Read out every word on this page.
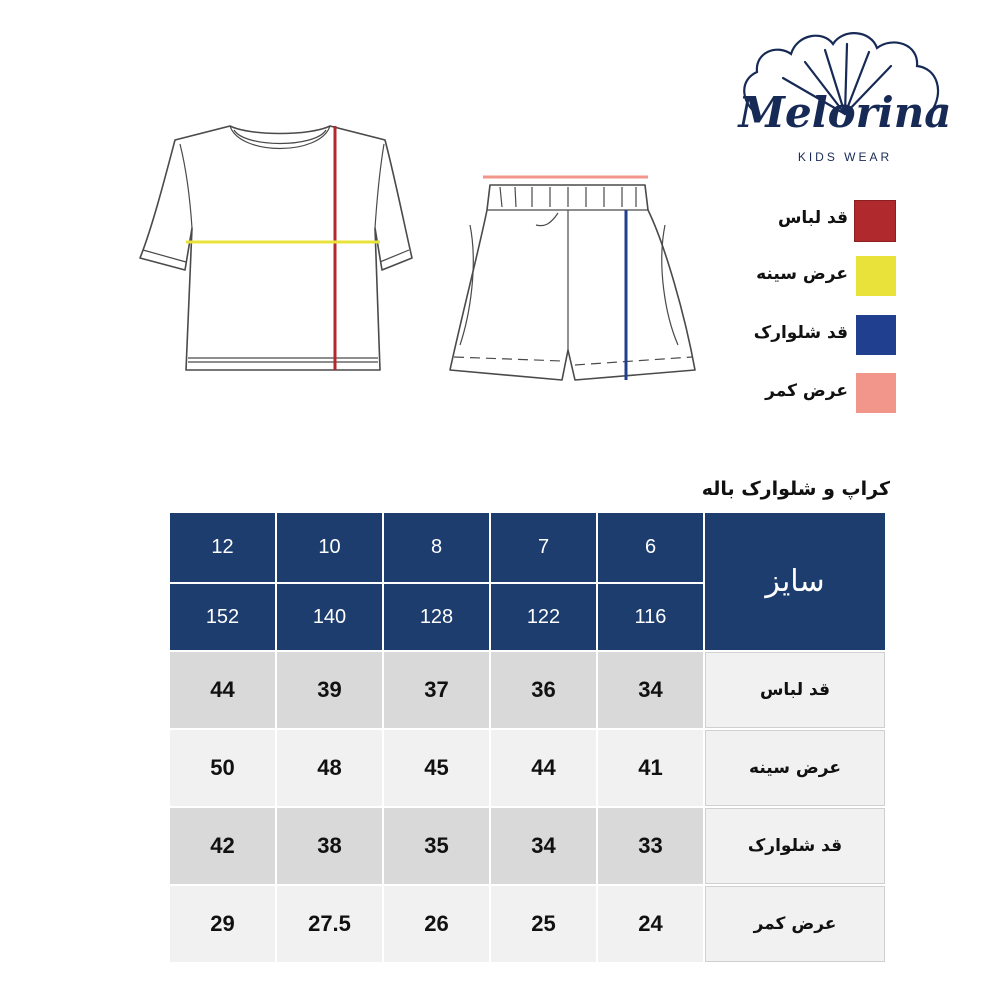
Melorina
KIDS WEAR
قد لباس
عرض سینه
قد شلوارک
عرض کمر
کراپ و شلوارک باله
12	10	8	7	6	سایز
152	140	128	122	116	
44	39	37	36	34	قد لباس
50	48	45	44	41	عرض سینه
42	38	35	34	33	قد شلوارک
29	27.5	26	25	24	عرض کمر
